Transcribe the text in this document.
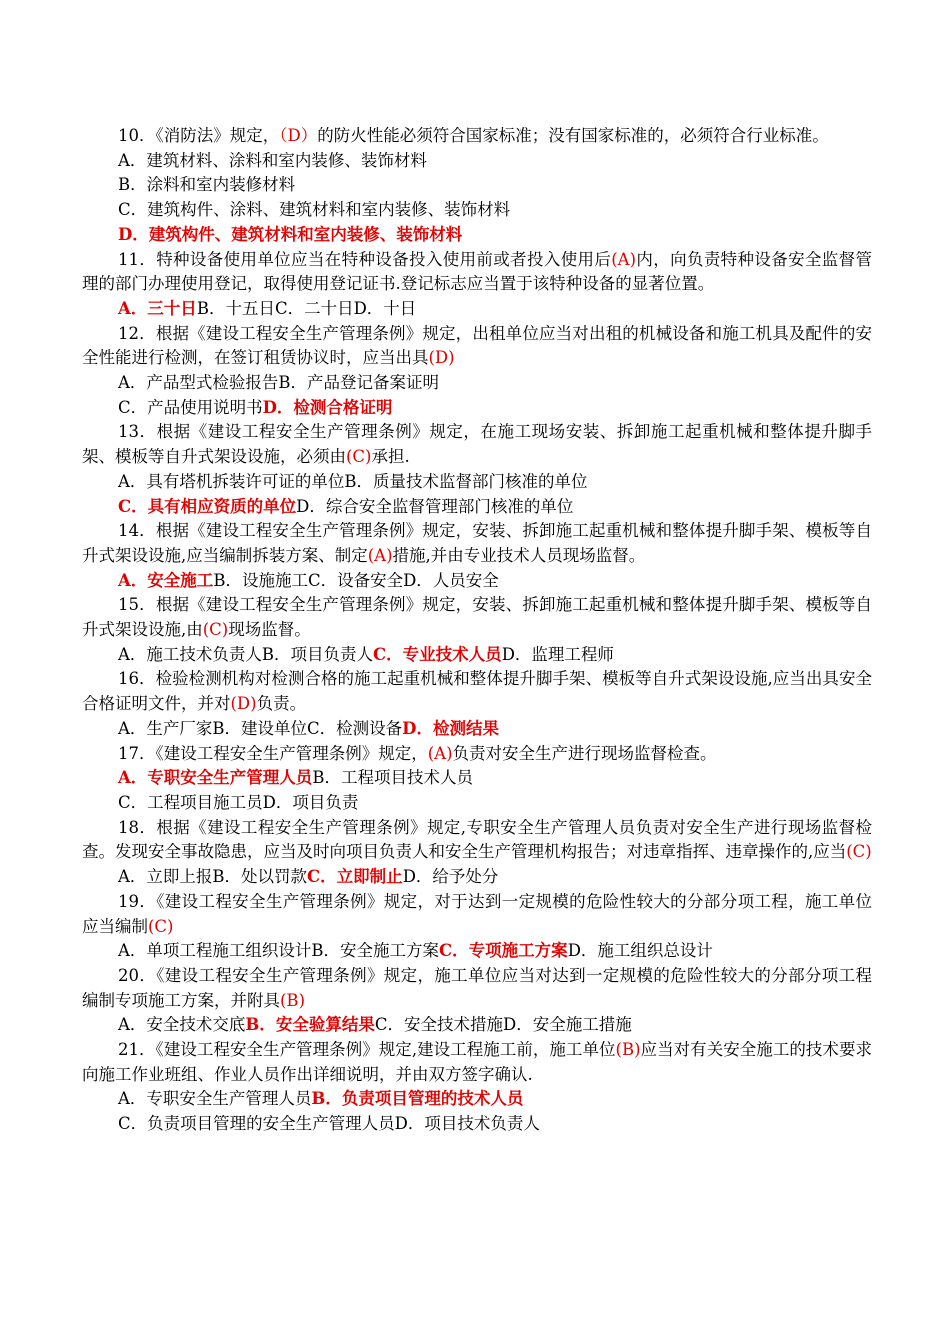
10．《消防法》规定，（D）的防火性能必须符合国家标准；没有国家标准的，必须符合行业标准。

A．建筑材料、涂料和室内装修、装饰材料

B．涂料和室内装修材料

C．建筑构件、涂料、建筑材料和室内装修、装饰材料

D．建筑构件、建筑材料和室内装修、装饰材料

11．特种设备使用单位应当在特种设备投入使用前或者投入使用后(A)内，向负责特种设备安全监督管理的部门办理使用登记，取得使用登记证书.登记标志应当置于该特种设备的显著位置。

A．三十日B．十五日C．二十日D．十日

12．根据《建设工程安全生产管理条例》规定，出租单位应当对出租的机械设备和施工机具及配件的安全性能进行检测，在签订租赁协议时，应当出具(D)

A．产品型式检验报告B．产品登记备案证明

C．产品使用说明书D．检测合格证明

13．根据《建设工程安全生产管理条例》规定，在施工现场安装、拆卸施工起重机械和整体提升脚手架、模板等自升式架设设施，必须由(C)承担.

A．具有塔机拆装许可证的单位B．质量技术监督部门核准的单位

C．具有相应资质的单位D．综合安全监督管理部门核准的单位

14．根据《建设工程安全生产管理条例》规定，安装、拆卸施工起重机械和整体提升脚手架、模板等自升式架设设施,应当编制拆装方案、制定(A)措施,并由专业技术人员现场监督。

A．安全施工B．设施施工C．设备安全D．人员安全

15．根据《建设工程安全生产管理条例》规定，安装、拆卸施工起重机械和整体提升脚手架、模板等自升式架设设施,由(C)现场监督。

A．施工技术负责人B．项目负责人C．专业技术人员D．监理工程师

16．检验检测机构对检测合格的施工起重机械和整体提升脚手架、模板等自升式架设设施,应当出具安全合格证明文件，并对(D)负责。

A．生产厂家B．建设单位C．检测设备D．检测结果

17．《建设工程安全生产管理条例》规定，(A)负责对安全生产进行现场监督检查。

A．专职安全生产管理人员B．工程项目技术人员

C．工程项目施工员D．项目负责

18．根据《建设工程安全生产管理条例》规定,专职安全生产管理人员负责对安全生产进行现场监督检查。发现安全事故隐患，应当及时向项目负责人和安全生产管理机构报告；对违章指挥、违章操作的,应当(C)

A．立即上报B．处以罚款C．立即制止D．给予处分

19．《建设工程安全生产管理条例》规定，对于达到一定规模的危险性较大的分部分项工程，施工单位应当编制(C)

A．单项工程施工组织设计B．安全施工方案C．专项施工方案D．施工组织总设计

20．《建设工程安全生产管理条例》规定，施工单位应当对达到一定规模的危险性较大的分部分项工程编制专项施工方案，并附具(B)

A．安全技术交底B．安全验算结果C．安全技术措施D．安全施工措施

21．《建设工程安全生产管理条例》规定,建设工程施工前，施工单位(B)应当对有关安全施工的技术要求向施工作业班组、作业人员作出详细说明，并由双方签字确认.

A．专职安全生产管理人员B．负责项目管理的技术人员

C．负责项目管理的安全生产管理人员D．项目技术负责人
